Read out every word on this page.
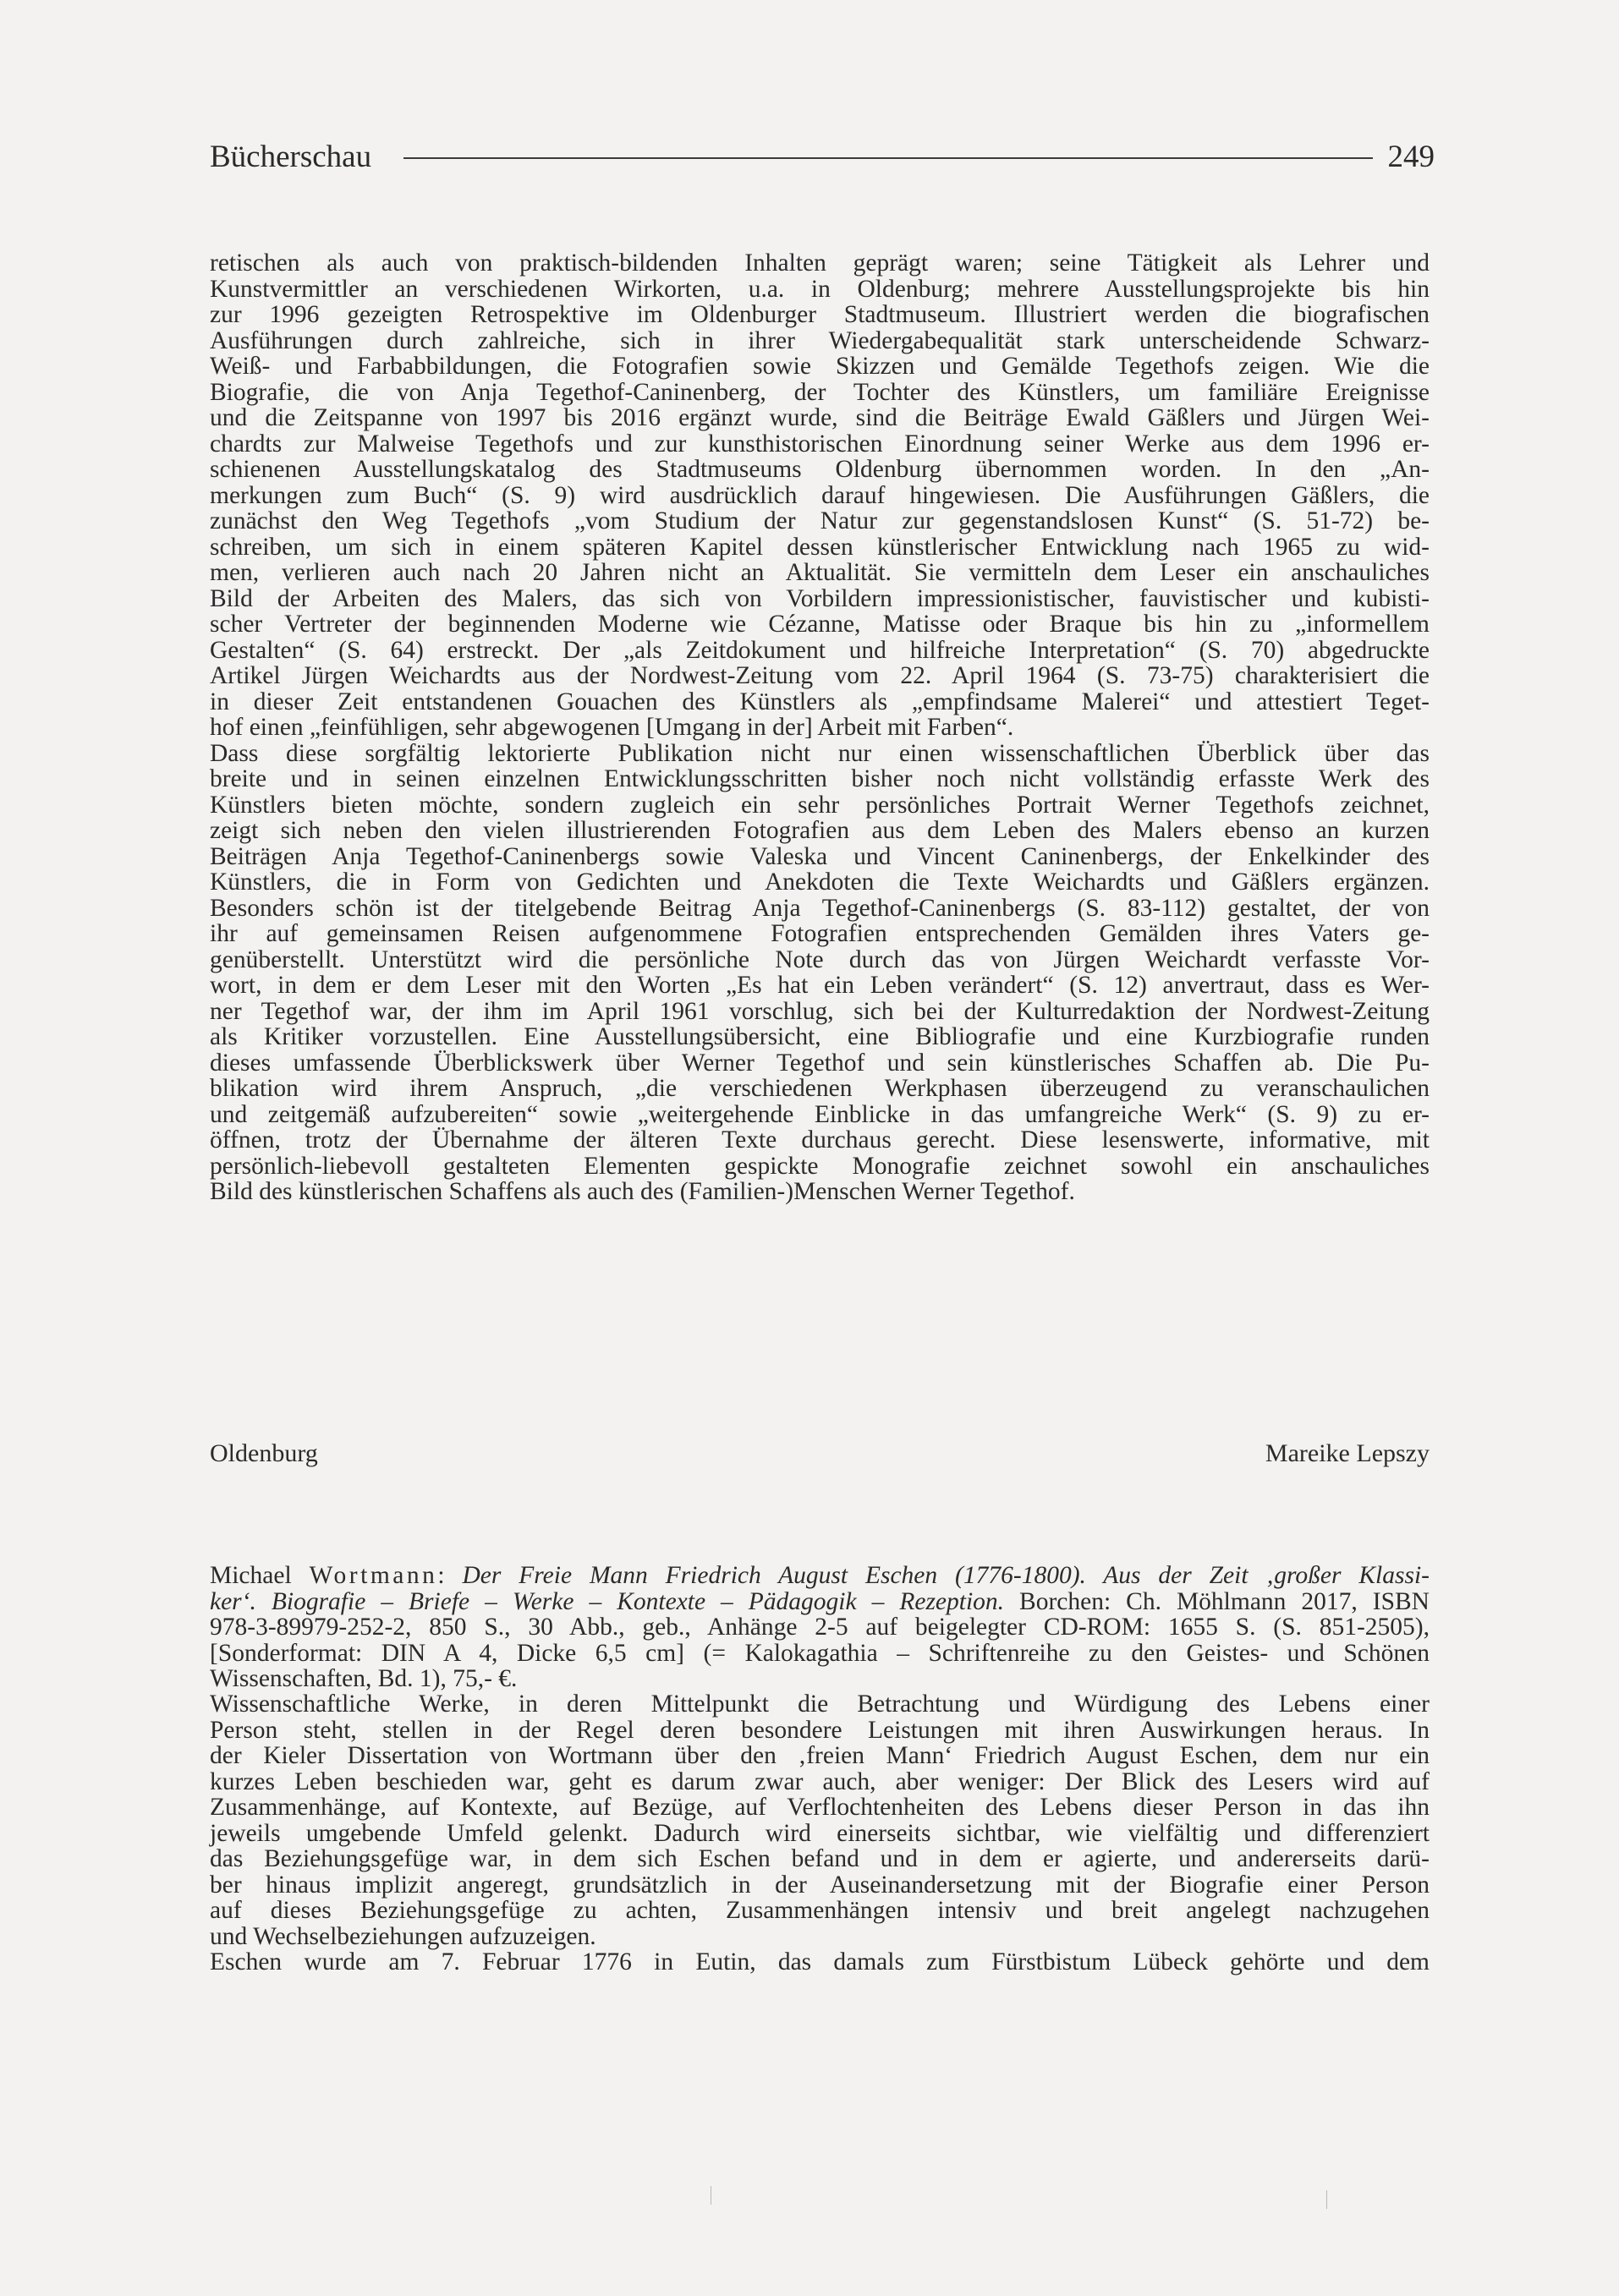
Bücherschau	249
retischen als auch von praktisch-bildenden Inhalten geprägt waren; seine Tätigkeit als Lehrer und
Kunstvermittler an verschiedenen Wirkorten, u.a. in Oldenburg; mehrere Ausstellungsprojekte bis hin
zur 1996 gezeigten Retrospektive im Oldenburger Stadtmuseum. Illustriert werden die biografischen
Ausführungen durch zahlreiche, sich in ihrer Wiedergabequalität stark unterscheidende Schwarz-
Weiß- und Farbabbildungen, die Fotografien sowie Skizzen und Gemälde Tegethofs zeigen. Wie die
Biografie, die von Anja Tegethof-Caninenberg, der Tochter des Künstlers, um familiäre Ereignisse
und die Zeitspanne von 1997 bis 2016 ergänzt wurde, sind die Beiträge Ewald Gäßlers und Jürgen Wei-
chardts zur Malweise Tegethofs und zur kunsthistorischen Einordnung seiner Werke aus dem 1996 er-
schienenen Ausstellungskatalog des Stadtmuseums Oldenburg übernommen worden. In den „An-
merkungen zum Buch“ (S. 9) wird ausdrücklich darauf hingewiesen. Die Ausführungen Gäßlers, die
zunächst den Weg Tegethofs „vom Studium der Natur zur gegenstandslosen Kunst“ (S. 51-72) be-
schreiben, um sich in einem späteren Kapitel dessen künstlerischer Entwicklung nach 1965 zu wid-
men, verlieren auch nach 20 Jahren nicht an Aktualität. Sie vermitteln dem Leser ein anschauliches
Bild der Arbeiten des Malers, das sich von Vorbildern impressionistischer, fauvistischer und kubisti-
scher Vertreter der beginnenden Moderne wie Cézanne, Matisse oder Braque bis hin zu „informellem
Gestalten“ (S. 64) erstreckt. Der „als Zeitdokument und hilfreiche Interpretation“ (S. 70) abgedruckte
Artikel Jürgen Weichardts aus der Nordwest-Zeitung vom 22. April 1964 (S. 73-75) charakterisiert die
in dieser Zeit entstandenen Gouachen des Künstlers als „empfindsame Malerei“ und attestiert Teget-
hof einen „feinfühligen, sehr abgewogenen [Umgang in der] Arbeit mit Farben“.
Dass diese sorgfältig lektorierte Publikation nicht nur einen wissenschaftlichen Überblick über das
breite und in seinen einzelnen Entwicklungsschritten bisher noch nicht vollständig erfasste Werk des
Künstlers bieten möchte, sondern zugleich ein sehr persönliches Portrait Werner Tegethofs zeichnet,
zeigt sich neben den vielen illustrierenden Fotografien aus dem Leben des Malers ebenso an kurzen
Beiträgen Anja Tegethof-Caninenbergs sowie Valeska und Vincent Caninenbergs, der Enkelkinder des
Künstlers, die in Form von Gedichten und Anekdoten die Texte Weichardts und Gäßlers ergänzen.
Besonders schön ist der titelgebende Beitrag Anja Tegethof-Caninenbergs (S. 83-112) gestaltet, der von
ihr auf gemeinsamen Reisen aufgenommene Fotografien entsprechenden Gemälden ihres Vaters ge-
genüberstellt. Unterstützt wird die persönliche Note durch das von Jürgen Weichardt verfasste Vor-
wort, in dem er dem Leser mit den Worten „Es hat ein Leben verändert“ (S. 12) anvertraut, dass es Wer-
ner Tegethof war, der ihm im April 1961 vorschlug, sich bei der Kulturredaktion der Nordwest-Zeitung
als Kritiker vorzustellen. Eine Ausstellungsübersicht, eine Bibliografie und eine Kurzbiografie runden
dieses umfassende Überblickswerk über Werner Tegethof und sein künstlerisches Schaffen ab. Die Pu-
blikation wird ihrem Anspruch, „die verschiedenen Werkphasen überzeugend zu veranschaulichen
und zeitgemäß aufzubereiten“ sowie „weitergehende Einblicke in das umfangreiche Werk“ (S. 9) zu er-
öffnen, trotz der Übernahme der älteren Texte durchaus gerecht. Diese lesenswerte, informative, mit
persönlich-liebevoll gestalteten Elementen gespickte Monografie zeichnet sowohl ein anschauliches
Bild des künstlerischen Schaffens als auch des (Familien-)Menschen Werner Tegethof.
Oldenburg	Mareike Lepszy
Michael Wortmann: Der Freie Mann Friedrich August Eschen (1776-1800). Aus der Zeit ‚großer Klassi-
ker‘. Biografie – Briefe – Werke – Kontexte – Pädagogik – Rezeption. Borchen: Ch. Möhlmann 2017, ISBN
978-3-89979-252-2, 850 S., 30 Abb., geb., Anhänge 2-5 auf beigelegter CD-ROM: 1655 S. (S. 851-2505),
[Sonderformat: DIN A 4, Dicke 6,5 cm] (= Kalokagathia – Schriftenreihe zu den Geistes- und Schönen
Wissenschaften, Bd. 1), 75,- €.
Wissenschaftliche Werke, in deren Mittelpunkt die Betrachtung und Würdigung des Lebens einer
Person steht, stellen in der Regel deren besondere Leistungen mit ihren Auswirkungen heraus. In
der Kieler Dissertation von Wortmann über den ‚freien Mann‘ Friedrich August Eschen, dem nur ein
kurzes Leben beschieden war, geht es darum zwar auch, aber weniger: Der Blick des Lesers wird auf
Zusammenhänge, auf Kontexte, auf Bezüge, auf Verflochtenheiten des Lebens dieser Person in das ihn
jeweils umgebende Umfeld gelenkt. Dadurch wird einerseits sichtbar, wie vielfältig und differenziert
das Beziehungsgefüge war, in dem sich Eschen befand und in dem er agierte, und andererseits darü-
ber hinaus implizit angeregt, grundsätzlich in der Auseinandersetzung mit der Biografie einer Person
auf dieses Beziehungsgefüge zu achten, Zusammenhängen intensiv und breit angelegt nachzugehen
und Wechselbeziehungen aufzuzeigen.
Eschen wurde am 7. Februar 1776 in Eutin, das damals zum Fürstbistum Lübeck gehörte und dem
